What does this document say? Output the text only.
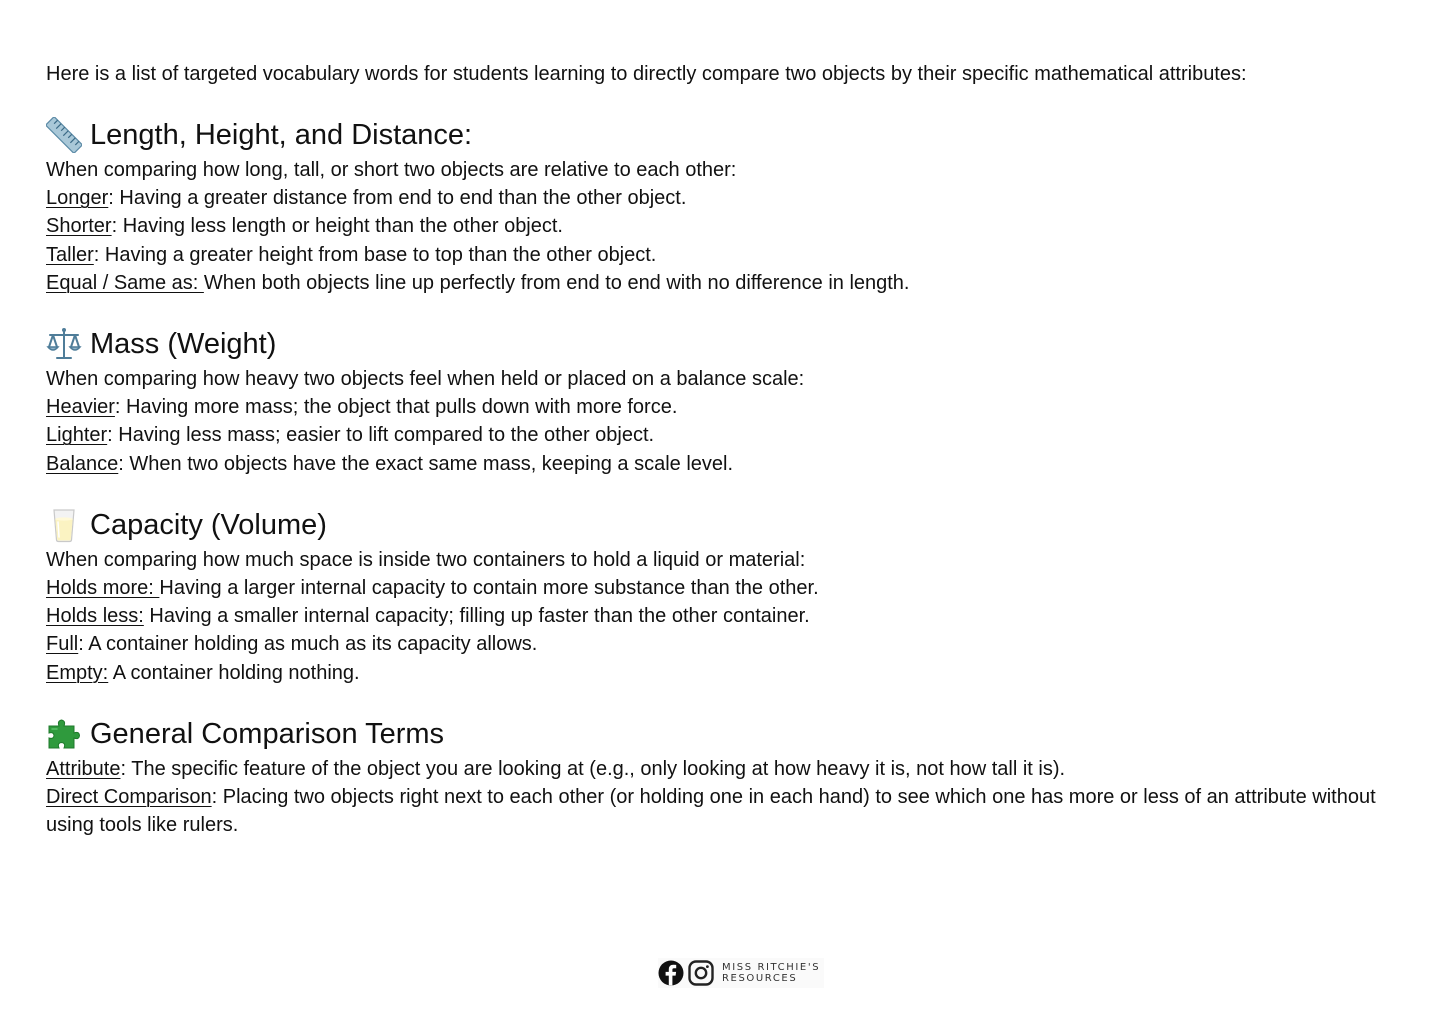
Here is a list of targeted vocabulary words for students learning to directly compare two objects by their specific mathematical attributes:

Length, Height, and Distance:

When comparing how long, tall, or short two objects are relative to each other:

Longer: Having a greater distance from end to end than the other object.

Shorter: Having less length or height than the other object.

Taller: Having a greater height from base to top than the other object.

Equal / Same as: When both objects line up perfectly from end to end with no difference in length.

Mass (Weight)

When comparing how heavy two objects feel when held or placed on a balance scale:

Heavier: Having more mass; the object that pulls down with more force.

Lighter: Having less mass; easier to lift compared to the other object.

Balance: When two objects have the exact same mass, keeping a scale level.

Capacity (Volume)

When comparing how much space is inside two containers to hold a liquid or material:

Holds more: Having a larger internal capacity to contain more substance than the other.

Holds less: Having a smaller internal capacity; filling up faster than the other container.

Full: A container holding as much as its capacity allows.

Empty: A container holding nothing.

General Comparison Terms

Attribute: The specific feature of the object you are looking at (e.g., only looking at how heavy it is, not how tall it is).

Direct Comparison: Placing two objects right next to each other (or holding one in each hand) to see which one has more or less of an attribute without using tools like rulers.

MISS RITCHIE'S
RESOURCES
